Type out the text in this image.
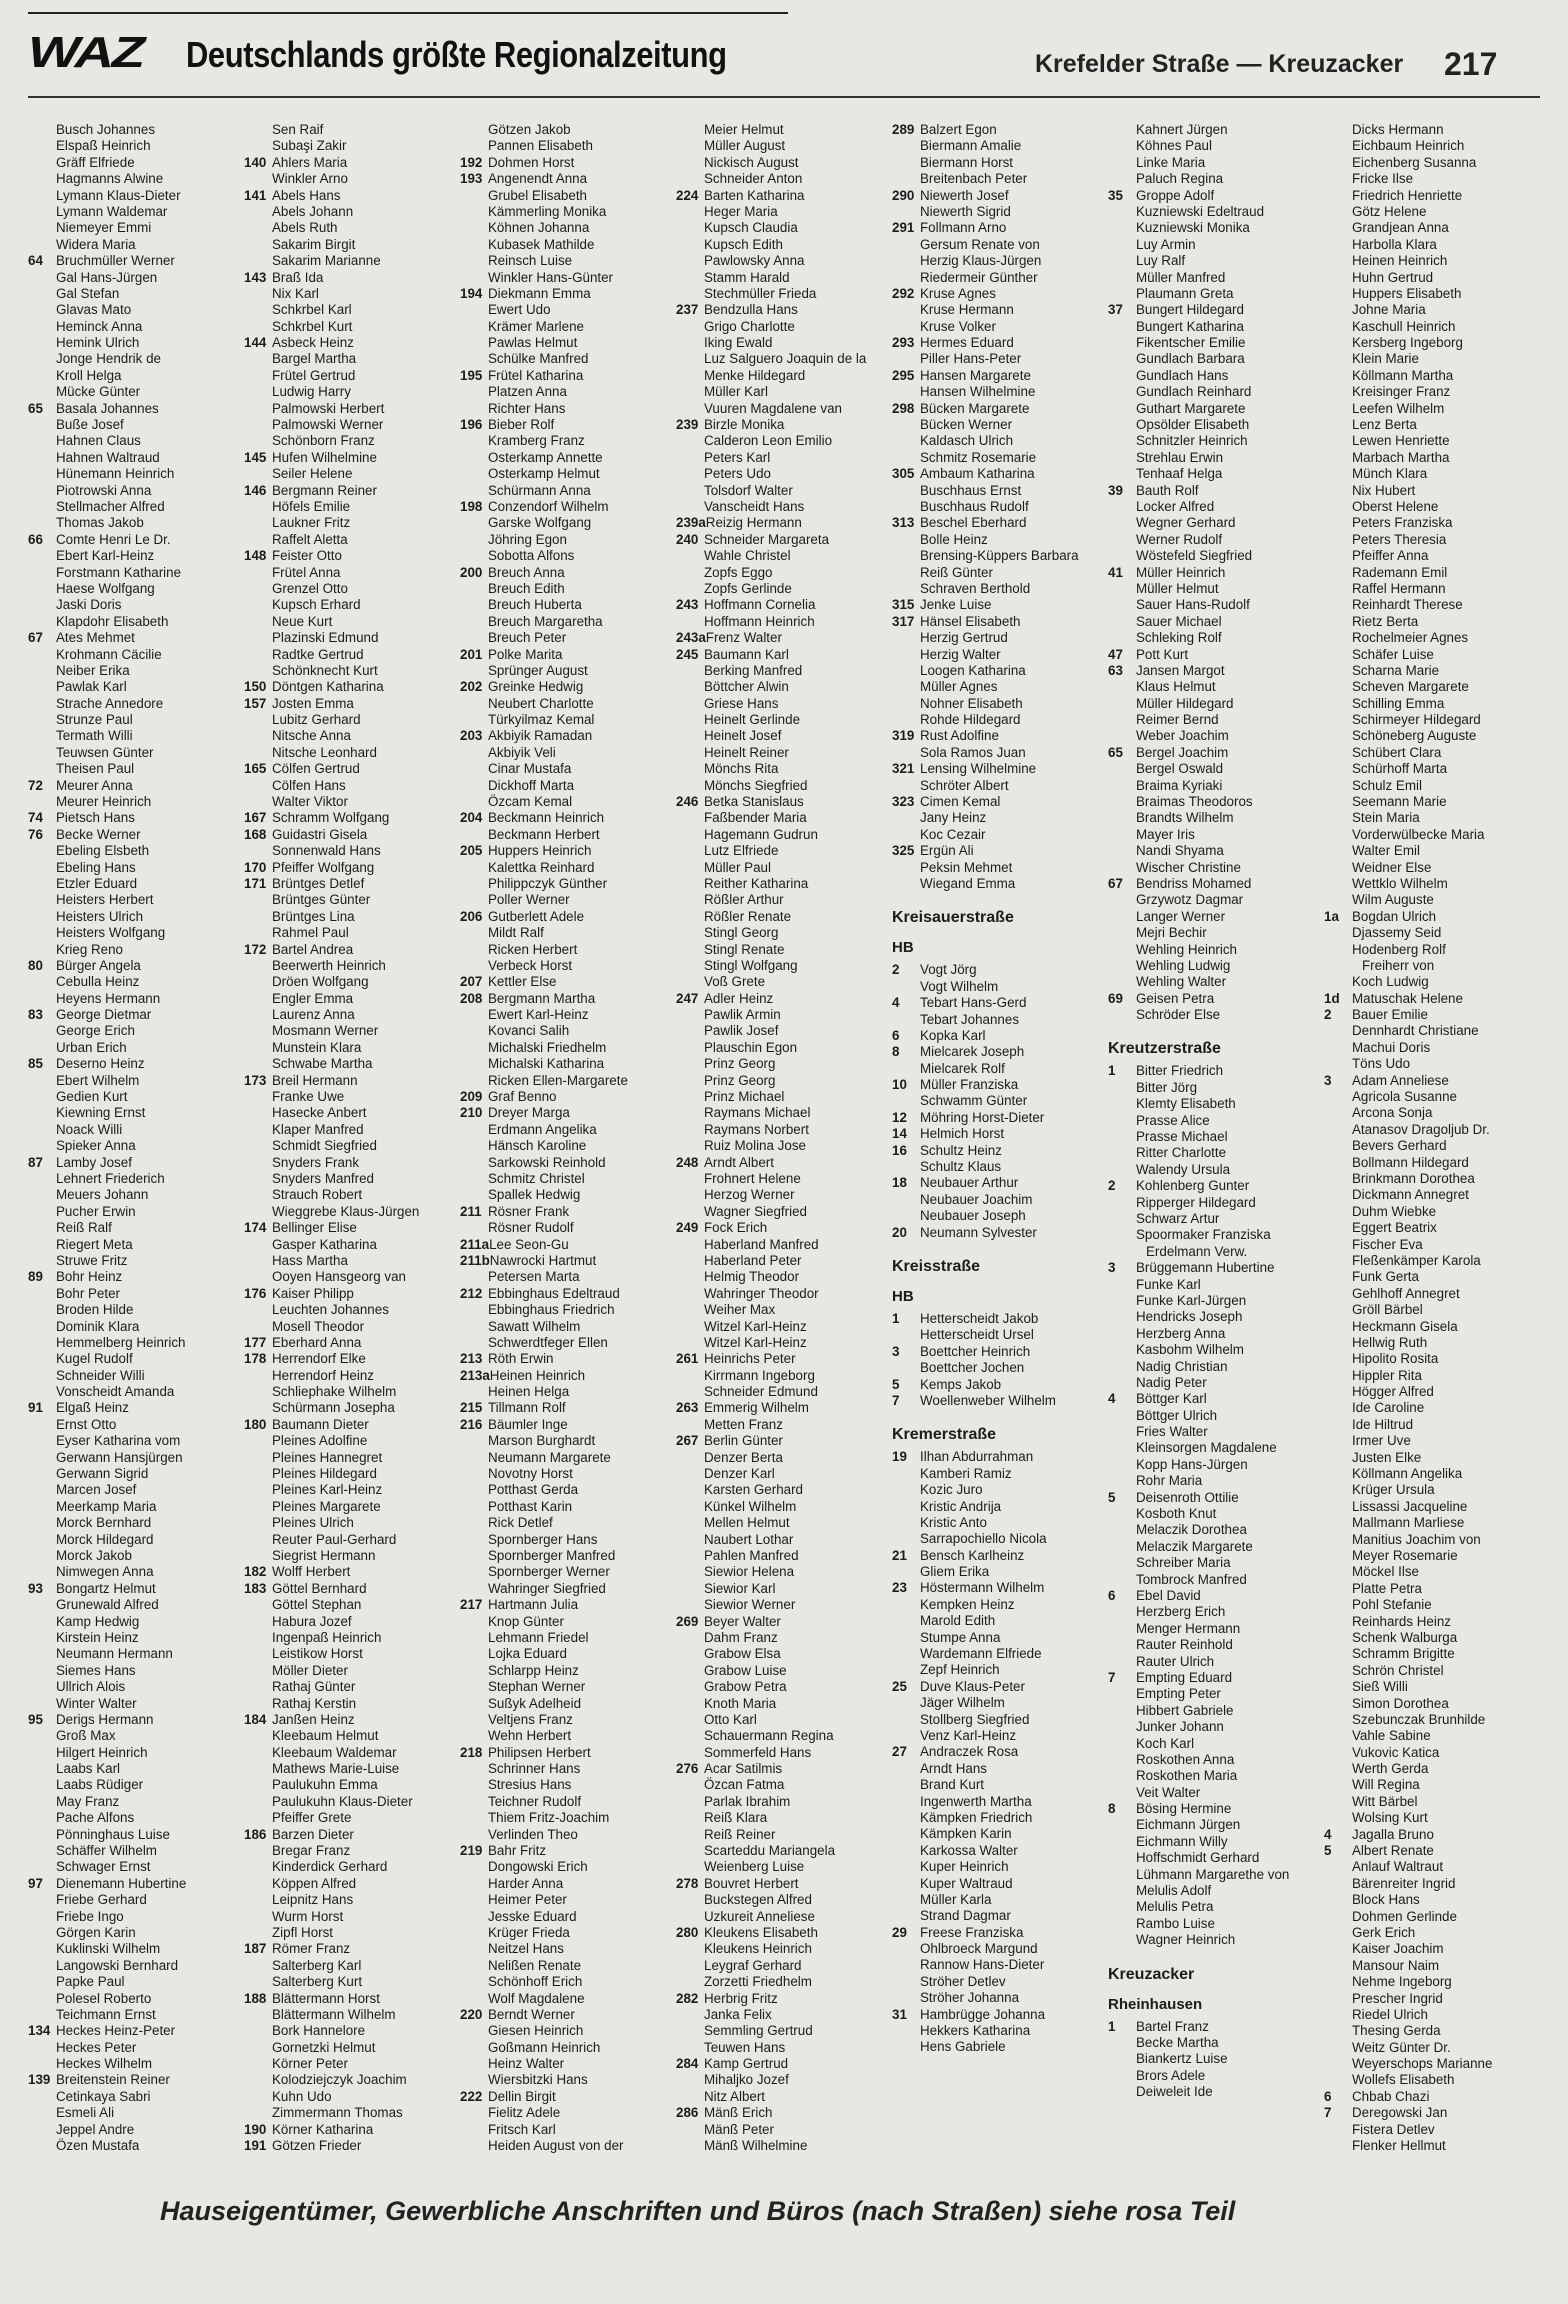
WAZ Deutschlands größte Regionalzeitung	Krefelder Straße — Kreuzacker 217
Busch Johannes
Elspaß Heinrich
Gräff Elfriede
Hagmanns Alwine
Lymann Klaus-Dieter
Lymann Waldemar
Niemeyer Emmi
Widera Maria
64 Bruchmüller Werner
Gal Hans-Jürgen
Gal Stefan
Glavas Mato
Heminck Anna
Hemink Ulrich
Jonge Hendrik de
Kroll Helga
Mücke Günter
65 Basala Johannes
Buße Josef
Hahnen Claus
Hahnen Waltraud
Hünemann Heinrich
Piotrowski Anna
Stellmacher Alfred
Thomas Jakob
66 Comte Henri Le Dr.
Ebert Karl-Heinz
Forstmann Katharine
Haese Wolfgang
Jaski Doris
Klapdohr Elisabeth
67 Ates Mehmet
Krohmann Cäcilie
Neiber Erika
Pawlak Karl
Strache Annedore
Strunze Paul
Termath Willi
Teuwsen Günter
Theisen Paul
72 Meurer Anna
Meurer Heinrich
74 Pietsch Hans
76 Becke Werner
Ebeling Elsbeth
Ebeling Hans
Etzler Eduard
Heisters Herbert
Heisters Ulrich
Heisters Wolfgang
Krieg Reno
80 Bürger Angela
Cebulla Heinz
Heyens Hermann
83 George Dietmar
George Erich
Urban Erich
85 Deserno Heinz
Ebert Wilhelm
Gedien Kurt
Kiewning Ernst
Noack Willi
Spieker Anna
87 Lamby Josef
Lehnert Friederich
Meuers Johann
Pucher Erwin
Reiß Ralf
Riegert Meta
Struwe Fritz
89 Bohr Heinz
Bohr Peter
Broden Hilde
Dominik Klara
Hemmelberg Heinrich
Kugel Rudolf
Schneider Willi
Vonscheidt Amanda
91 Elgaß Heinz
Ernst Otto
Eyser Katharina vom
Gerwann Hansjürgen
Gerwann Sigrid
Marcen Josef
Meerkamp Maria
Morck Bernhard
Morck Hildegard
Morck Jakob
Nimwegen Anna
93 Bongartz Helmut
Grunewald Alfred
Kamp Hedwig
Kirstein Heinz
Neumann Hermann
Siemes Hans
Ullrich Alois
Winter Walter
95 Derigs Hermann
Groß Max
Hilgert Heinrich
Laabs Karl
Laabs Rüdiger
May Franz
Pache Alfons
Pönninghaus Luise
Schäffer Wilhelm
Schwager Ernst
97 Dienemann Hubertine
Friebe Gerhard
Friebe Ingo
Görgen Karin
Kuklinski Wilhelm
Langowski Bernhard
Papke Paul
Polesel Roberto
Teichmann Ernst
134 Heckes Heinz-Peter
Heckes Peter
Heckes Wilhelm
139 Breitenstein Reiner
Cetinkaya Sabri
Esmeli Ali
Jeppel Andre
Özen Mustafa
Sen Raif
Subaşi Zakir
140 Ahlers Maria
Winkler Arno
141 Abels Hans
Abels Johann
Abels Ruth
Sakarim Birgit
Sakarim Marianne
143 Braß Ida
Nix Karl
Schkrbel Karl
Schkrbel Kurt
144 Asbeck Heinz
Bargel Martha
Frütel Gertrud
Ludwig Harry
Palmowski Herbert
Palmowski Werner
Schönborn Franz
145 Hufen Wilhelmine
Seiler Helene
146 Bergmann Reiner
Höfels Emilie
Laukner Fritz
Raffelt Aletta
148 Feister Otto
Frütel Anna
Grenzel Otto
Kupsch Erhard
Neue Kurt
Plazinski Edmund
Radtke Gertrud
Schönknecht Kurt
150 Döntgen Katharina
157 Josten Emma
Lubitz Gerhard
Nitsche Anna
Nitsche Leonhard
165 Cölfen Gertrud
Cölfen Hans
Walter Viktor
167 Schramm Wolfgang
168 Guidastri Gisela
Sonnenwald Hans
170 Pfeiffer Wolfgang
171 Brüntges Detlef
Brüntges Günter
Brüntges Lina
Rahmel Paul
172 Bartel Andrea
Beerwerth Heinrich
Dröen Wolfgang
Engler Emma
Laurenz Anna
Mosmann Werner
Munstein Klara
Schwabe Martha
173 Breil Hermann
Franke Uwe
Hasecke Anbert
Klaper Manfred
Schmidt Siegfried
Snyders Frank
Snyders Manfred
Strauch Robert
Wieggrebe Klaus-Jürgen
174 Bellinger Elise
Gasper Katharina
Hass Martha
Ooyen Hansgeorg van
176 Kaiser Philipp
Leuchten Johannes
Mosell Theodor
177 Eberhard Anna
178 Herrendorf Elke
Herrendorf Heinz
Schliephake Wilhelm
Schürmann Josepha
180 Baumann Dieter
Pleines Adolfine
Pleines Hannegret
Pleines Hildegard
Pleines Karl-Heinz
Pleines Margarete
Pleines Ulrich
Reuter Paul-Gerhard
Siegrist Hermann
182 Wolff Herbert
183 Göttel Bernhard
Göttel Stephan
Habura Jozef
Ingenpaß Heinrich
Leistikow Horst
Möller Dieter
Rathaj Günter
Rathaj Kerstin
184 Janßen Heinz
Kleebaum Helmut
Kleebaum Waldemar
Mathews Marie-Luise
Paulukuhn Emma
Paulukuhn Klaus-Dieter
Pfeiffer Grete
186 Barzen Dieter
Bregar Franz
Kinderdick Gerhard
Köppen Alfred
Leipnitz Hans
Wurm Horst
Zipfl Horst
187 Römer Franz
Salterberg Karl
Salterberg Kurt
188 Blättermann Horst
Blättermann Wilhelm
Bork Hannelore
Gornetzki Helmut
Körner Peter
Kolodziejczyk Joachim
Kuhn Udo
Zimmermann Thomas
190 Körner Katharina
191 Götzen Frieder
Götzen Jakob
Pannen Elisabeth
192 Dohmen Horst
193 Angenendt Anna
Grubel Elisabeth
Kämmerling Monika
Köhnen Johanna
Kubasek Mathilde
Reinsch Luise
Winkler Hans-Günter
194 Diekmann Emma
Ewert Udo
Krämer Marlene
Pawlas Helmut
Schülke Manfred
195 Frütel Katharina
Platzen Anna
Richter Hans
196 Bieber Rolf
Kramberg Franz
Osterkamp Annette
Osterkamp Helmut
Schürmann Anna
198 Conzendorf Wilhelm
Garske Wolfgang
Jöhring Egon
Sobotta Alfons
200 Breuch Anna
Breuch Edith
Breuch Huberta
Breuch Margaretha
Breuch Peter
201 Polke Marita
Sprünger August
202 Greinke Hedwig
Neubert Charlotte
Türkyilmaz Kemal
203 Akbiyik Ramadan
Akbiyik Veli
Cinar Mustafa
Dickhoff Marta
Özcam Kemal
204 Beckmann Heinrich
Beckmann Herbert
205 Huppers Heinrich
Kalettka Reinhard
Philippczyk Günther
Poller Werner
206 Gutberlett Adele
Mildt Ralf
Ricken Herbert
Verbeck Horst
207 Kettler Else
208 Bergmann Martha
Ewert Karl-Heinz
Kovanci Salih
Michalski Friedhelm
Michalski Katharina
Ricken Ellen-Margarete
209 Graf Benno
210 Dreyer Marga
Erdmann Angelika
Hänsch Karoline
Sarkowski Reinhold
Schmitz Christel
Spallek Hedwig
211 Rösner Frank
Rösner Rudolf
211aLee Seon-Gu
211bNawrocki Hartmut
Petersen Marta
212 Ebbinghaus Edeltraud
Ebbinghaus Friedrich
Sawatt Wilhelm
Schwerdtfeger Ellen
213 Röth Erwin
213aHeinen Heinrich
Heinen Helga
215 Tillmann Rolf
216 Bäumler Inge
Marson Burghardt
Neumann Margarete
Novotny Horst
Potthast Gerda
Potthast Karin
Rick Detlef
Spornberger Hans
Spornberger Manfred
Spornberger Werner
Wahringer Siegfried
217 Hartmann Julia
Knop Günter
Lehmann Friedel
Lojka Eduard
Schlarpp Heinz
Stephan Werner
Sußyk Adelheid
Veltjens Franz
Wehn Herbert
218 Philipsen Herbert
Schrinner Hans
Stresius Hans
Teichner Rudolf
Thiem Fritz-Joachim
Verlinden Theo
219 Bahr Fritz
Dongowski Erich
Harder Anna
Heimer Peter
Jesske Eduard
Krüger Frieda
Neitzel Hans
Nelißen Renate
Schönhoff Erich
Wolf Magdalene
220 Berndt Werner
Giesen Heinrich
Goßmann Heinrich
Heinz Walter
Wiersbitzki Hans
222 Dellin Birgit
Fielitz Adele
Fritsch Karl
Heiden August von der
Meier Helmut
Müller August
Nickisch August
Schneider Anton
224 Barten Katharina
Heger Maria
Kupsch Claudia
Kupsch Edith
Pawlowsky Anna
Stamm Harald
Stechmüller Frieda
237 Bendzulla Hans
Grigo Charlotte
Iking Ewald
Luz Salguero Joaquin de la
Menke Hildegard
Müller Karl
Vuuren Magdalene van
239 Birzle Monika
Calderon Leon Emilio
Peters Karl
Peters Udo
Tolsdorf Walter
Vanscheidt Hans
239aReizig Hermann
240 Schneider Margareta
Wahle Christel
Zopfs Eggo
Zopfs Gerlinde
243 Hoffmann Cornelia
Hoffmann Heinrich
243aFrenz Walter
245 Baumann Karl
Berking Manfred
Böttcher Alwin
Griese Hans
Heinelt Gerlinde
Heinelt Josef
Heinelt Reiner
Mönchs Rita
Mönchs Siegfried
246 Betka Stanislaus
Faßbender Maria
Hagemann Gudrun
Lutz Elfriede
Müller Paul
Reither Katharina
Rößler Arthur
Rößler Renate
Stingl Georg
Stingl Renate
Stingl Wolfgang
Voß Grete
247 Adler Heinz
Pawlik Armin
Pawlik Josef
Plauschin Egon
Prinz Georg
Prinz Georg
Prinz Michael
Raymans Michael
Raymans Norbert
Ruiz Molina Jose
248 Arndt Albert
Frohnert Helene
Herzog Werner
Wagner Siegfried
249 Fock Erich
Haberland Manfred
Haberland Peter
Helmig Theodor
Wahringer Theodor
Weiher Max
Witzel Karl-Heinz
Witzel Karl-Heinz
261 Heinrichs Peter
Kirrmann Ingeborg
Schneider Edmund
263 Emmerig Wilhelm
Metten Franz
267 Berlin Günter
Denzer Berta
Denzer Karl
Karsten Gerhard
Künkel Wilhelm
Mellen Helmut
Naubert Lothar
Pahlen Manfred
Siewior Helena
Siewior Karl
Siewior Werner
269 Beyer Walter
Dahm Franz
Grabow Elsa
Grabow Luise
Grabow Petra
Knoth Maria
Otto Karl
Schauermann Regina
Sommerfeld Hans
276 Acar Satilmis
Özcan Fatma
Parlak Ibrahim
Reiß Klara
Reiß Reiner
Scarteddu Mariangela
Weienberg Luise
278 Bouvret Herbert
Buckstegen Alfred
Uzkureit Anneliese
280 Kleukens Elisabeth
Kleukens Heinrich
Leygraf Gerhard
Zorzetti Friedhelm
282 Herbrig Fritz
Janka Felix
Semmling Gertrud
Teuwen Hans
284 Kamp Gertrud
Mihaljko Jozef
Nitz Albert
286 Mänß Erich
Mänß Peter
Mänß Wilhelmine
289 Balzert Egon
Biermann Amalie
Biermann Horst
Breitenbach Peter
290 Niewerth Josef
Niewerth Sigrid
291 Follmann Arno
Gersum Renate von
Herzig Klaus-Jürgen
Riedermeir Günther
292 Kruse Agnes
Kruse Hermann
Kruse Volker
293 Hermes Eduard
Piller Hans-Peter
295 Hansen Margarete
Hansen Wilhelmine
298 Bücken Margarete
Bücken Werner
Kaldasch Ulrich
Schmitz Rosemarie
305 Ambaum Katharina
Buschhaus Ernst
Buschhaus Rudolf
313 Beschel Eberhard
Bolle Heinz
Brensing-Küppers Barbara
Reiß Günter
Schraven Berthold
315 Jenke Luise
317 Hänsel Elisabeth
Herzig Gertrud
Herzig Walter
Loogen Katharina
Müller Agnes
Nohner Elisabeth
Rohde Hildegard
319 Rust Adolfine
Sola Ramos Juan
321 Lensing Wilhelmine
Schröter Albert
323 Cimen Kemal
Jany Heinz
Koc Cezair
325 Ergün Ali
Peksin Mehmet
Wiegand Emma
Kreisauerstraße
HB
2 Vogt Jörg
Vogt Wilhelm
4 Tebart Hans-Gerd
Tebart Johannes
6 Kopka Karl
8 Mielcarek Joseph
Mielcarek Rolf
10 Müller Franziska
Schwamm Günter
12 Möhring Horst-Dieter
14 Helmich Horst
16 Schultz Heinz
Schultz Klaus
18 Neubauer Arthur
Neubauer Joachim
Neubauer Joseph
20 Neumann Sylvester
Kreisstraße
HB
1 Hetterscheidt Jakob
Hetterscheidt Ursel
3 Boettcher Heinrich
Boettcher Jochen
5 Kemps Jakob
7 Woellenweber Wilhelm
Kremerstraße
19 Ilhan Abdurrahman
Kamberi Ramiz
Kozic Juro
Kristic Andrija
Kristic Anto
Sarrapochiello Nicola
21 Bensch Karlheinz
Gliem Erika
23 Höstermann Wilhelm
Kempken Heinz
Marold Edith
Stumpe Anna
Wardemann Elfriede
Zepf Heinrich
25 Duve Klaus-Peter
Jäger Wilhelm
Stollberg Siegfried
Venz Karl-Heinz
27 Andraczek Rosa
Arndt Hans
Brand Kurt
Ingenwerth Martha
Kämpken Friedrich
Kämpken Karin
Karkossa Walter
Kuper Heinrich
Kuper Waltraud
Müller Karla
Strand Dagmar
29 Freese Franziska
Ohlbroeck Margund
Rannow Hans-Dieter
Ströher Detlev
Ströher Johanna
31 Hambrügge Johanna
Hekkers Katharina
Hens Gabriele
Kahnert Jürgen
Köhnes Paul
Linke Maria
Paluch Regina
35 Groppe Adolf
Kuzniewski Edeltraud
Kuzniewski Monika
Luy Armin
Luy Ralf
Müller Manfred
Plaumann Greta
37 Bungert Hildegard
Bungert Katharina
Fikentscher Emilie
Gundlach Barbara
Gundlach Hans
Gundlach Reinhard
Guthart Margarete
Opsölder Elisabeth
Schnitzler Heinrich
Strehlau Erwin
Tenhaaf Helga
39 Bauth Rolf
Locker Alfred
Wegner Gerhard
Werner Rudolf
Wöstefeld Siegfried
41 Müller Heinrich
Müller Helmut
Sauer Hans-Rudolf
Sauer Michael
Schleking Rolf
47 Pott Kurt
63 Jansen Margot
Klaus Helmut
Müller Hildegard
Reimer Bernd
Weber Joachim
65 Bergel Joachim
Bergel Oswald
Braima Kyriaki
Braimas Theodoros
Brandts Wilhelm
Mayer Iris
Nandi Shyama
Wischer Christine
67 Bendriss Mohamed
Grzywotz Dagmar
Langer Werner
Mejri Bechir
Wehling Heinrich
Wehling Ludwig
Wehling Walter
69 Geisen Petra
Schröder Else
Kreutzerstraße
1 Bitter Friedrich
Bitter Jörg
Klemty Elisabeth
Prasse Alice
Prasse Michael
Ritter Charlotte
Walendy Ursula
2 Kohlenberg Gunter
Ripperger Hildegard
Schwarz Artur
Spoormaker Franziska
Erdelmann Verw.
3 Brüggemann Hubertine
Funke Karl
Funke Karl-Jürgen
Hendricks Joseph
Herzberg Anna
Kasbohm Wilhelm
Nadig Christian
Nadig Peter
4 Böttger Karl
Böttger Ulrich
Fries Walter
Kleinsorgen Magdalene
Kopp Hans-Jürgen
Rohr Maria
5 Deisenroth Ottilie
Kosboth Knut
Melaczik Dorothea
Melaczik Margarete
Schreiber Maria
Tombrock Manfred
6 Ebel David
Herzberg Erich
Menger Hermann
Rauter Reinhold
Rauter Ulrich
7 Empting Eduard
Empting Peter
Hibbert Gabriele
Junker Johann
Koch Karl
Roskothen Anna
Roskothen Maria
Veit Walter
8 Bösing Hermine
Eichmann Jürgen
Eichmann Willy
Hoffschmidt Gerhard
Lühmann Margarethe von
Melulis Adolf
Melulis Petra
Rambo Luise
Wagner Heinrich
Kreuzacker
Rheinhausen
1 Bartel Franz
Becke Martha
Biankertz Luise
Brors Adele
Deiweleit Ide
Dicks Hermann
Eichbaum Heinrich
Eichenberg Susanna
Fricke Ilse
Friedrich Henriette
Götz Helene
Grandjean Anna
Harbolla Klara
Heinen Heinrich
Huhn Gertrud
Huppers Elisabeth
Johne Maria
Kaschull Heinrich
Kersberg Ingeborg
Klein Marie
Köllmann Martha
Kreisinger Franz
Leefen Wilhelm
Lenz Berta
Lewen Henriette
Marbach Martha
Münch Klara
Nix Hubert
Oberst Helene
Peters Franziska
Peters Theresia
Pfeiffer Anna
Rademann Emil
Raffel Hermann
Reinhardt Therese
Rietz Berta
Rochelmeier Agnes
Schäfer Luise
Scharna Marie
Scheven Margarete
Schilling Emma
Schirmeyer Hildegard
Schöneberg Auguste
Schübert Clara
Schürhoff Marta
Schulz Emil
Seemann Marie
Stein Maria
Vorderwülbecke Maria
Walter Emil
Weidner Else
Wettklo Wilhelm
Wilm Auguste
1a Bogdan Ulrich
Djassemy Seid
Hodenberg Rolf
Freiherr von
Koch Ludwig
1d Matuschak Helene
2 Bauer Emilie
Dennhardt Christiane
Machui Doris
Töns Udo
3 Adam Anneliese
Agricola Susanne
Arcona Sonja
Atanasov Dragoljub Dr.
Bevers Gerhard
Bollmann Hildegard
Brinkmann Dorothea
Dickmann Annegret
Duhm Wiebke
Eggert Beatrix
Fischer Eva
Fleßenkämper Karola
Funk Gerta
Gehlhoff Annegret
Gröll Bärbel
Heckmann Gisela
Hellwig Ruth
Hipolito Rosita
Hippler Rita
Högger Alfred
Ide Caroline
Ide Hiltrud
Irmer Uve
Justen Elke
Köllmann Angelika
Krüger Ursula
Lissassi Jacqueline
Mallmann Marliese
Manitius Joachim von
Meyer Rosemarie
Möckel Ilse
Platte Petra
Pohl Stefanie
Reinhards Heinz
Schenk Walburga
Schramm Brigitte
Schrön Christel
Sieß Willi
Simon Dorothea
Szebunczak Brunhilde
Vahle Sabine
Vukovic Katica
Werth Gerda
Will Regina
Witt Bärbel
Wolsing Kurt
4 Jagalla Bruno
5 Albert Renate
Anlauf Waltraut
Bärenreiter Ingrid
Block Hans
Dohmen Gerlinde
Gerk Erich
Kaiser Joachim
Mansour Naim
Nehme Ingeborg
Prescher Ingrid
Riedel Ulrich
Thesing Gerda
Weitz Günter Dr.
Weyerschops Marianne
Wollefs Elisabeth
6 Chbab Chazi
7 Deregowski Jan
Fistera Detlev
Flenker Hellmut
Hauseigentümer, Gewerbliche Anschriften und Büros (nach Straßen) siehe rosa Teil
